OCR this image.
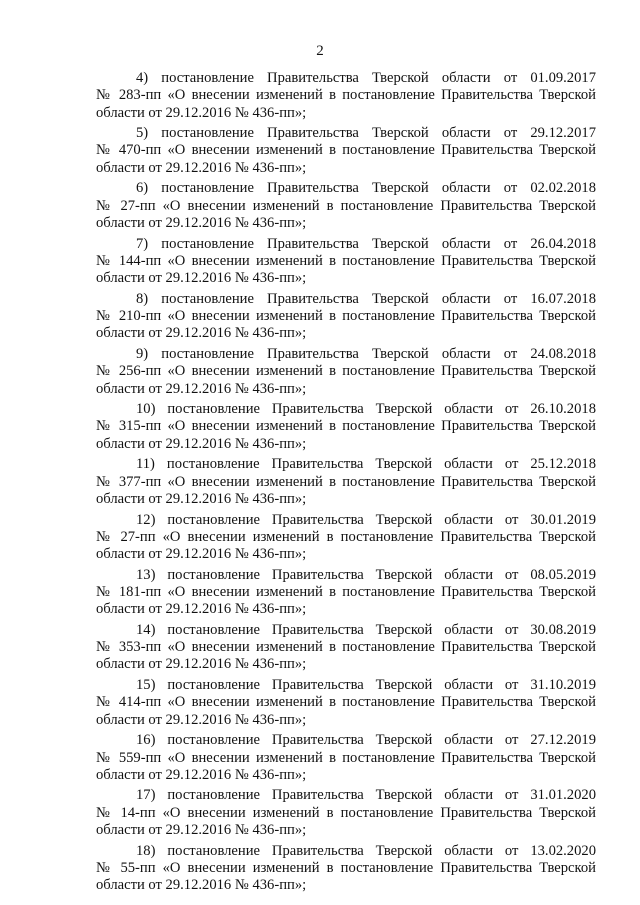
2
4) постановление Правительства Тверской области от 01.09.2017
№ 283-пп «О внесении изменений в постановление Правительства Тверской
области от 29.12.2016 № 436-пп»;
5) постановление Правительства Тверской области от 29.12.2017
№ 470-пп «О внесении изменений в постановление Правительства Тверской
области от 29.12.2016 № 436-пп»;
6) постановление Правительства Тверской области от 02.02.2018
№ 27-пп «О внесении изменений в постановление Правительства Тверской
области от 29.12.2016 № 436-пп»;
7) постановление Правительства Тверской области от 26.04.2018
№ 144-пп «О внесении изменений в постановление Правительства Тверской
области от 29.12.2016 № 436-пп»;
8) постановление Правительства Тверской области от 16.07.2018
№ 210-пп «О внесении изменений в постановление Правительства Тверской
области от 29.12.2016 № 436-пп»;
9) постановление Правительства Тверской области от 24.08.2018
№ 256-пп «О внесении изменений в постановление Правительства Тверской
области от 29.12.2016 № 436-пп»;
10) постановление Правительства Тверской области от 26.10.2018
№ 315-пп «О внесении изменений в постановление Правительства Тверской
области от 29.12.2016 № 436-пп»;
11) постановление Правительства Тверской области от 25.12.2018
№ 377-пп «О внесении изменений в постановление Правительства Тверской
области от 29.12.2016 № 436-пп»;
12) постановление Правительства Тверской области от 30.01.2019
№ 27-пп «О внесении изменений в постановление Правительства Тверской
области от 29.12.2016 № 436-пп»;
13) постановление Правительства Тверской области от 08.05.2019
№ 181-пп «О внесении изменений в постановление Правительства Тверской
области от 29.12.2016 № 436-пп»;
14) постановление Правительства Тверской области от 30.08.2019
№ 353-пп «О внесении изменений в постановление Правительства Тверской
области от 29.12.2016 № 436-пп»;
15) постановление Правительства Тверской области от 31.10.2019
№ 414-пп «О внесении изменений в постановление Правительства Тверской
области от 29.12.2016 № 436-пп»;
16) постановление Правительства Тверской области от 27.12.2019
№ 559-пп «О внесении изменений в постановление Правительства Тверской
области от 29.12.2016 № 436-пп»;
17) постановление Правительства Тверской области от 31.01.2020
№ 14-пп «О внесении изменений в постановление Правительства Тверской
области от 29.12.2016 № 436-пп»;
18) постановление Правительства Тверской области от 13.02.2020
№ 55-пп «О внесении изменений в постановление Правительства Тверской
области от 29.12.2016 № 436-пп»;
